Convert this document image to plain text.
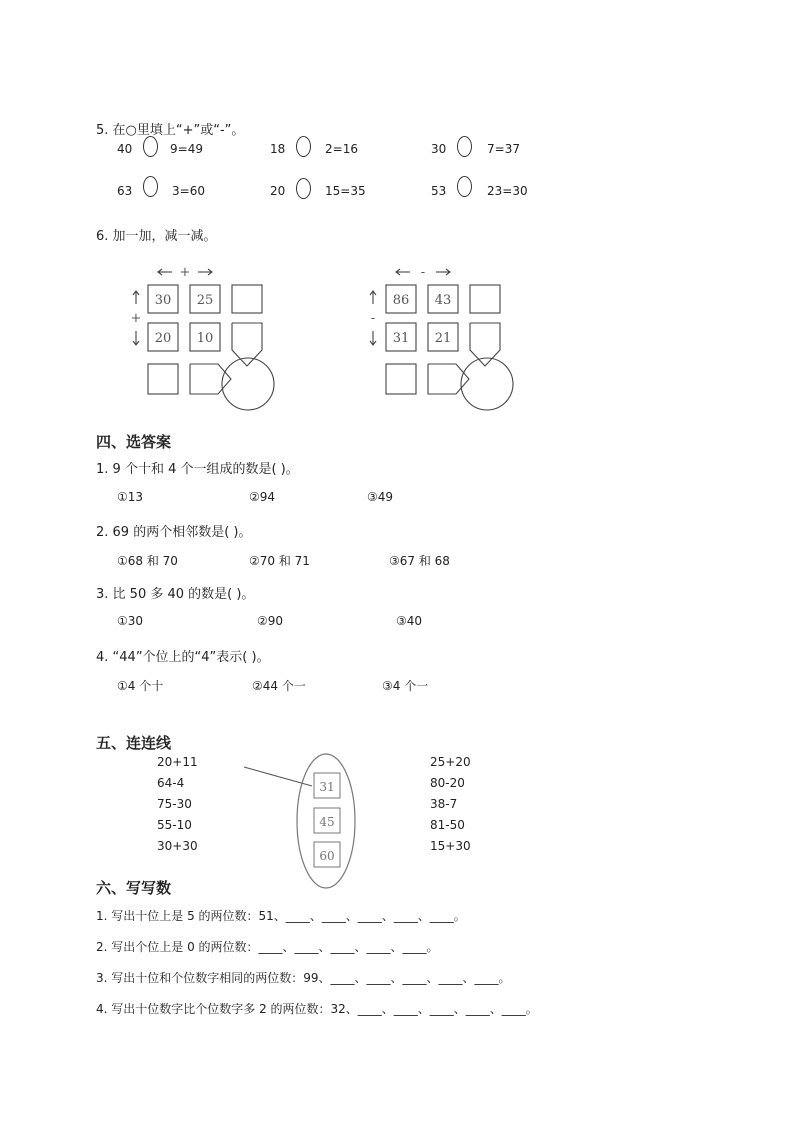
5. 在○里填上“+”或“-”。
40	9=49	18	2=16	30	7=37
63	3=60	20	15=35	53	23=30
6. 加一加，减一减。
+
+
30 25
20 10
-
-
86 43
31 21
四、选答案
1. 9 个十和 4 个一组成的数是( )。
①13	②94	③49
2. 69 的两个相邻数是( )。
①68 和 70	②70 和 71	③67 和 68
3. 比 50 多 40 的数是( )。
①30	②90	③40
4. “44”个位上的“4”表示( )。
①4 个十	②44 个一	③4 个一
五、连连线
20+11
64-4
75-30
55-10
30+30
31
45
60
25+20
80-20
38-7
81-50
15+30
六、写写数
1. 写出十位上是 5 的两位数：51、____、____、____、____、____。
2. 写出个位上是 0 的两位数：____、____、____、____、____。
3. 写出十位和个位数字相同的两位数：99、____、____、____、____、____。
4. 写出十位数字比个位数字多 2 的两位数：32、____、____、____、____、____。
